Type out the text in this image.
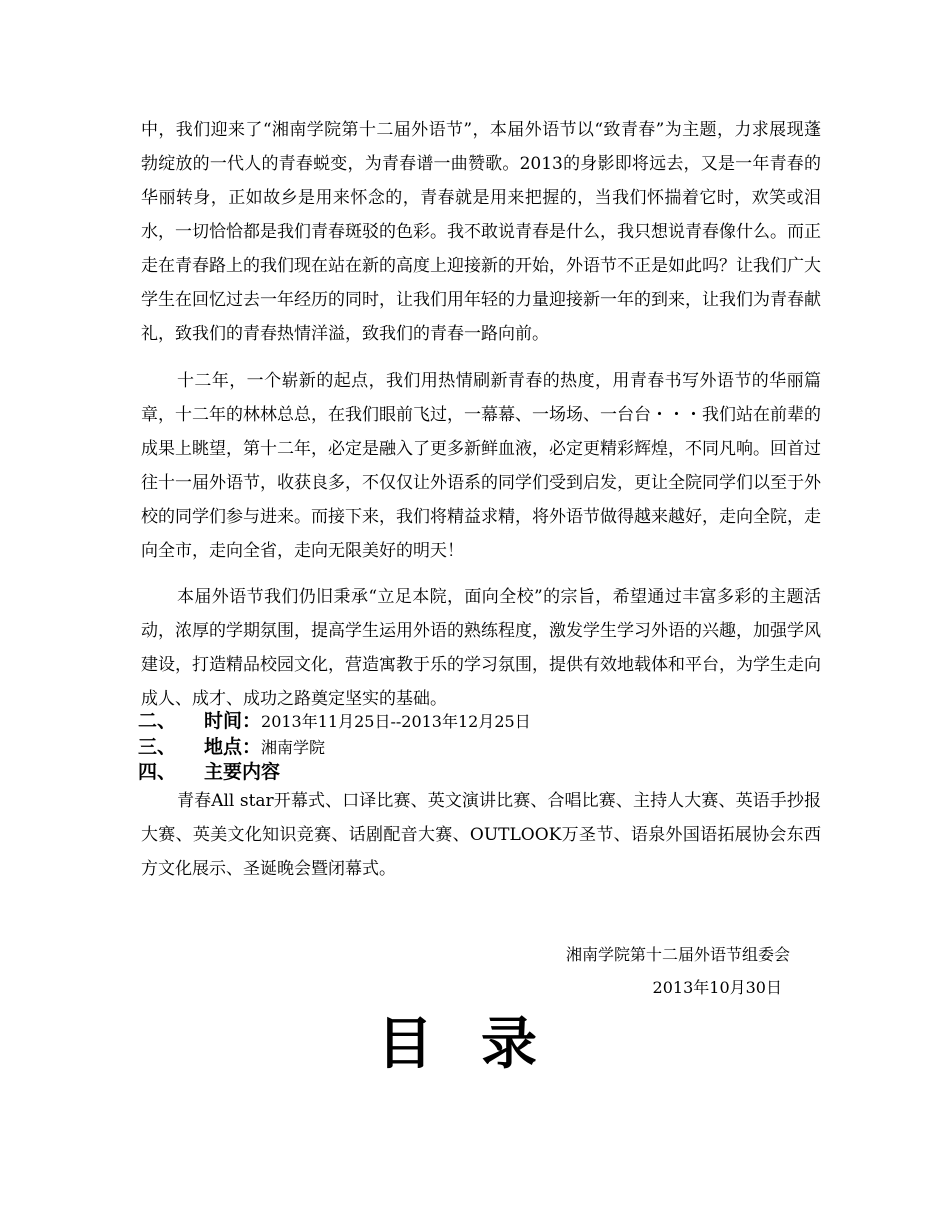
中，我们迎来了“湘南学院第十二届外语节”，本届外语节以“致青春”为主题，力求展现蓬勃绽放的一代人的青春蜕变，为青春谱一曲赞歌。2013的身影即将远去，又是一年青春的华丽转身，正如故乡是用来怀念的，青春就是用来把握的，当我们怀揣着它时，欢笑或泪水，一切恰恰都是我们青春斑驳的色彩。我不敢说青春是什么，我只想说青春像什么。而正走在青春路上的我们现在站在新的高度上迎接新的开始，外语节不正是如此吗？让我们广大学生在回忆过去一年经历的同时，让我们用年轻的力量迎接新一年的到来，让我们为青春献礼，致我们的青春热情洋溢，致我们的青春一路向前。

十二年，一个崭新的起点，我们用热情刷新青春的热度，用青春书写外语节的华丽篇章，十二年的林林总总，在我们眼前飞过，一幕幕、一场场、一台台・・・我们站在前辈的成果上眺望，第十二年，必定是融入了更多新鲜血液，必定更精彩辉煌，不同凡响。回首过往十一届外语节，收获良多，不仅仅让外语系的同学们受到启发，更让全院同学们以至于外校的同学们参与进来。而接下来，我们将精益求精，将外语节做得越来越好，走向全院，走向全市，走向全省，走向无限美好的明天！

本届外语节我们仍旧秉承“立足本院，面向全校”的宗旨，希望通过丰富多彩的主题活动，浓厚的学期氛围，提高学生运用外语的熟练程度，激发学生学习外语的兴趣，加强学风建设，打造精品校园文化，营造寓教于乐的学习氛围，提供有效地载体和平台，为学生走向成人、成才、成功之路奠定坚实的基础。

二、	时间： 2013年11月25日--2013年12月25日
三、	地点： 湘南学院
四、	主要内容

青春All star开幕式、口译比赛、英文演讲比赛、合唱比赛、主持人大赛、英语手抄报大赛、英美文化知识竞赛、话剧配音大赛、OUTLOOK万圣节、语泉外国语拓展协会东西方文化展示、圣诞晚会暨闭幕式。

湘南学院第十二届外语节组委会
2013年10月30日
目录
